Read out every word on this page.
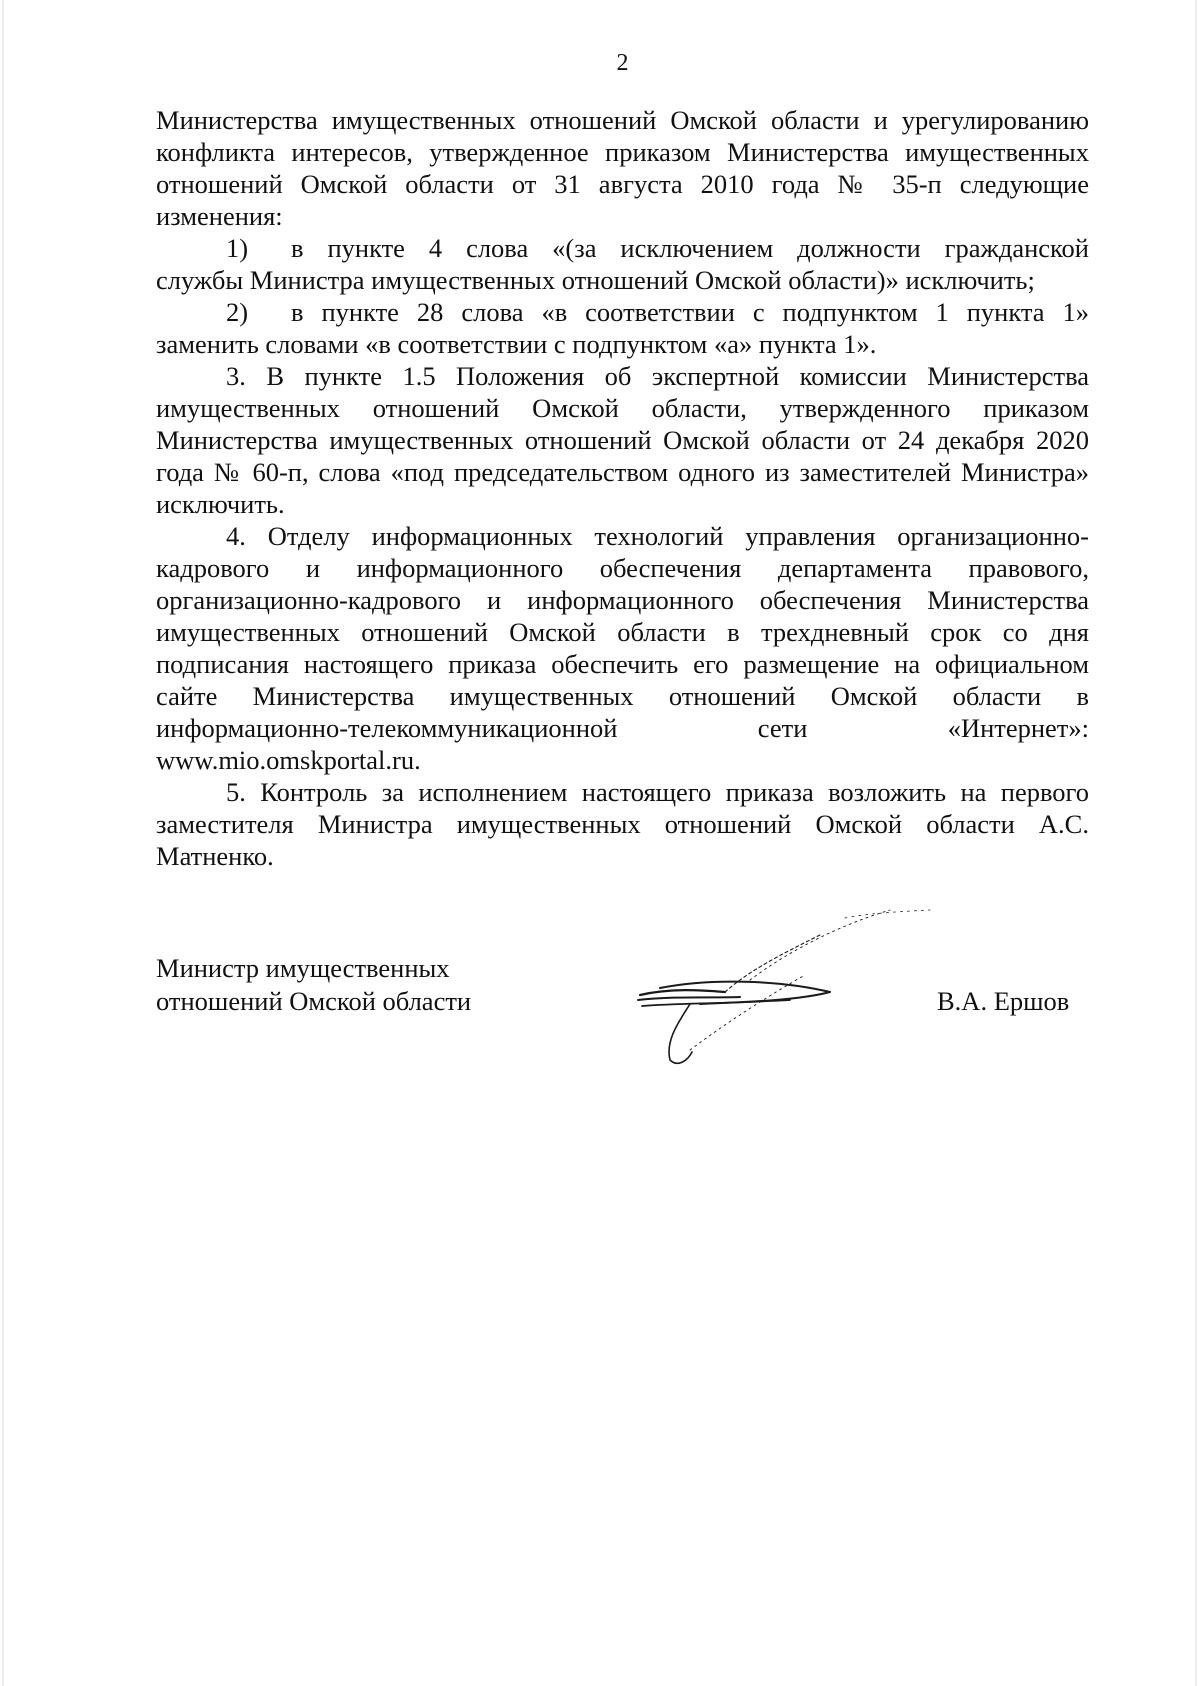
2

Министерства имущественных отношений Омской области и урегулированию конфликта интересов, утвержденное приказом Министерства имущественных отношений Омской области от 31 августа 2010 года № 35-п следующие изменения:

1)	в пункте 4 слова «(за исключением должности гражданской

службы Министра имущественных отношений Омской области)» исключить;

2)	в пункте 28 слова «в соответствии с подпунктом 1 пункта 1»

заменить словами «в соответствии с подпунктом «а» пункта 1».

3. В пункте 1.5 Положения об экспертной комиссии Министерства имущественных отношений Омской области, утвержденного приказом Министерства имущественных отношений Омской области от 24 декабря 2020 года № 60-п, слова «под председательством одного из заместителей Министра» исключить.

4. Отделу информационных технологий управления организационно-кадрового и информационного обеспечения департамента правового, организационно-кадрового и информационного обеспечения Министерства имущественных отношений Омской области в трехдневный срок со дня подписания настоящего приказа обеспечить его размещение на официальном сайте Министерства имущественных отношений Омской области в информационно-телекоммуникационной сети «Интернет»: www.mio.omskportal.ru.

5. Контроль за исполнением настоящего приказа возложить на первого заместителя Министра имущественных отношений Омской области А.С. Матненко.

Министр имущественных
отношений Омской области	В.А. Ершов
